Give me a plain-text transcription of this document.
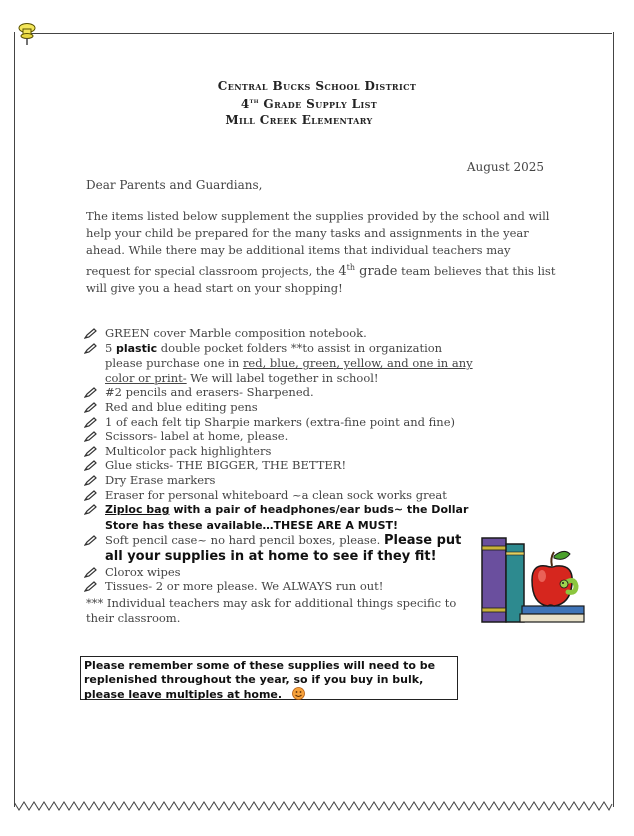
Central Bucks School District
4th Grade Supply List
Mill Creek Elementary
August 2025
Dear Parents and Guardians,
The items listed below supplement the supplies provided by the school and will help your child be prepared for the many tasks and assignments in the year ahead. While there may be additional items that individual teachers may request for special classroom projects, the 4th grade team believes that this list will give you a head start on your shopping!
GREEN cover Marble composition notebook.
5 plastic double pocket folders **to assist in organization please purchase one in red, blue, green, yellow, and one in any color or print- We will label together in school!
#2 pencils and erasers- Sharpened.
Red and blue editing pens
1 of each felt tip Sharpie markers (extra-fine point and fine)
Scissors- label at home, please.
Multicolor pack highlighters
Glue sticks- THE BIGGER, THE BETTER!
Dry Erase markers
Eraser for personal whiteboard ~a clean sock works great
Ziploc bag with a pair of headphones/ear buds~ the Dollar Store has these available…THESE ARE A MUST!
Soft pencil case~ no hard pencil boxes, please. Please put all your supplies in at home to see if they fit!
Clorox wipes
Tissues- 2 or more please. We ALWAYS run out!
*** Individual teachers may ask for additional things specific to their classroom.
Please remember some of these supplies will need to be replenished throughout the year, so if you buy in bulk, please leave multiples at home.
